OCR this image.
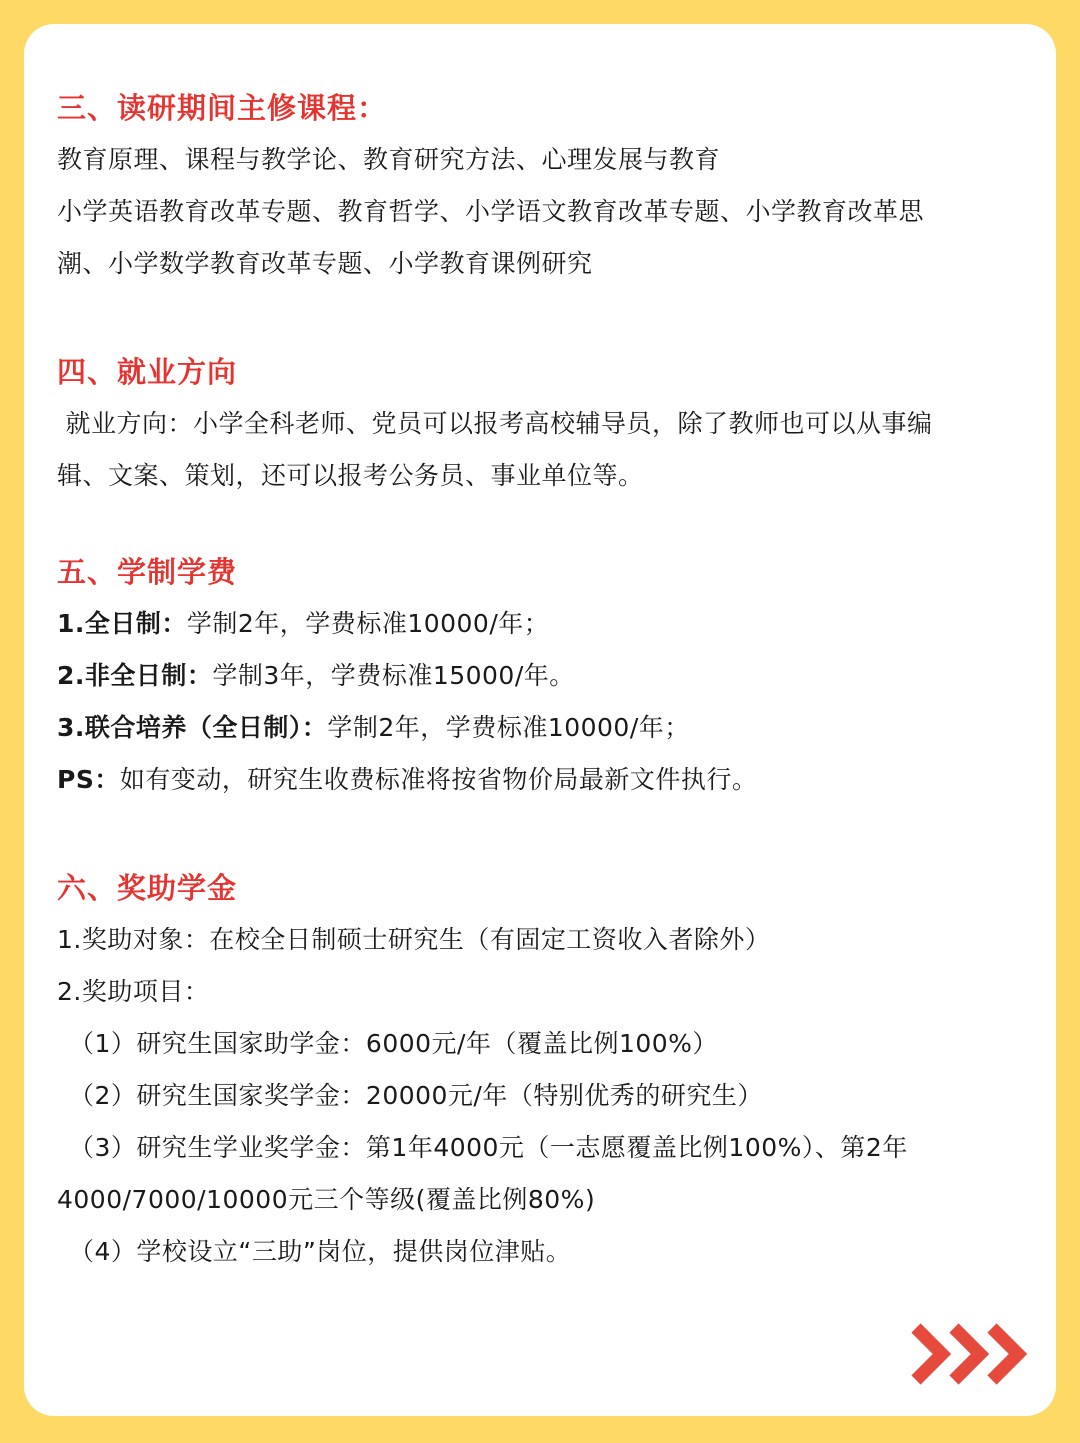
三、读研期间主修课程：
教育原理、课程与教学论、教育研究方法、心理发展与教育
小学英语教育改革专题、教育哲学、小学语文教育改革专题、小学教育改革思
潮、小学数学教育改革专题、小学教育课例研究
四、就业方向
就业方向：小学全科老师、党员可以报考高校辅导员，除了教师也可以从事编
辑、文案、策划，还可以报考公务员、事业单位等。
五、学制学费
1.全日制：学制2年，学费标准10000/年；
2.非全日制：学制3年，学费标准15000/年。
3.联合培养（全日制）：学制2年，学费标准10000/年；
PS：如有变动，研究生收费标准将按省物价局最新文件执行。
六、奖助学金
1.奖助对象：在校全日制硕士研究生（有固定工资收入者除外）
2.奖助项目：
（1）研究生国家助学金：6000元/年（覆盖比例100%）
（2）研究生国家奖学金：20000元/年（特别优秀的研究生）
（3）研究生学业奖学金：第1年4000元（一志愿覆盖比例100%）、第2年
4000/7000/10000元三个等级(覆盖比例80%)
（4）学校设立“三助”岗位，提供岗位津贴。
